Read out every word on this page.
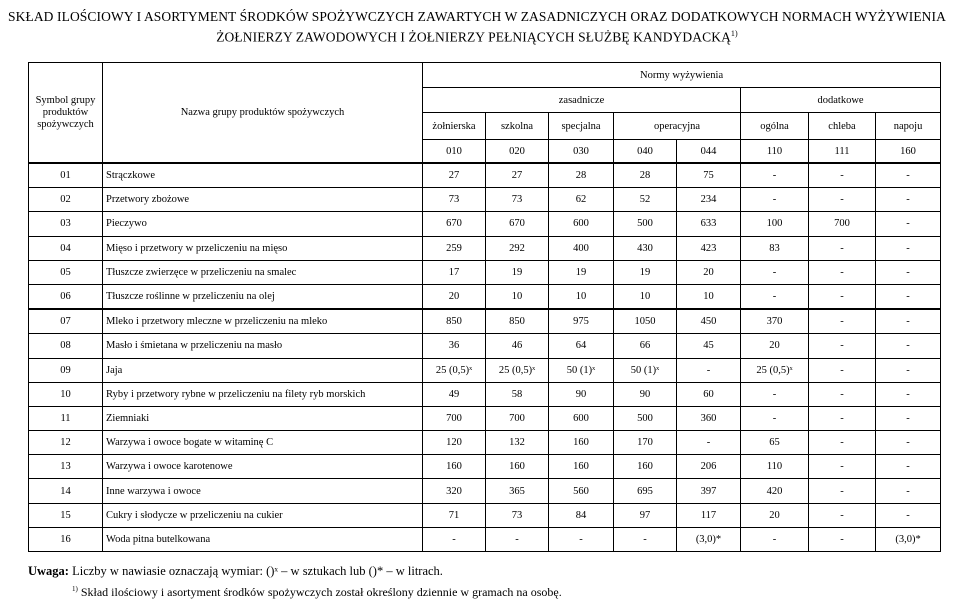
SKŁAD ILOŚCIOWY I ASORTYMENT ŚRODKÓW SPOŻYWCZYCH ZAWARTYCH W ZASADNICZYCH ORAZ DODATKOWYCH NORMACH WYŻYWIENIA
ŻOŁNIERZY ZAWODOWYCH I ŻOŁNIERZY PEŁNIĄCYCH SŁUŻBĘ KANDYDACKĄ$^{1)}$
Symbol grupy produktów spożywczych	Nazwa grupy produktów spożywczych	Normy wyżywienia							
		zasadnicze					dodatkowe		
		żołnierska	szkolna	specjalna	operacyjna		ogólna	chleba	napoju
		010	020	030	040	044	110	111	160
01	Strączkowe	27	27	28	28	75	-	-	-
02	Przetwory zbożowe	73	73	62	52	234	-	-	-
03	Pieczywo	670	670	600	500	633	100	700	-
04	Mięso i przetwory w przeliczeniu na mięso	259	292	400	430	423	83	-	-
05	Tłuszcze zwierzęce w przeliczeniu na smalec	17	19	19	19	20	-	-	-
06	Tłuszcze roślinne w przeliczeniu na olej	20	10	10	10	10	-	-	-
07	Mleko i przetwory mleczne w przeliczeniu na mleko	850	850	975	1050	450	370	-	-
08	Masło i śmietana w przeliczeniu na masło	36	46	64	66	45	20	-	-
09	Jaja	25 (0,5)ˣ	25 (0,5)ˣ	50 (1)ˣ	50 (1)ˣ	-	25 (0,5)ˣ	-	-
10	Ryby i przetwory rybne w przeliczeniu na filety ryb morskich	49	58	90	90	60	-	-	-
11	Ziemniaki	700	700	600	500	360	-	-	-
12	Warzywa i owoce bogate w witaminę C	120	132	160	170	-	65	-	-
13	Warzywa i owoce karotenowe	160	160	160	160	206	110	-	-
14	Inne warzywa i owoce	320	365	560	695	397	420	-	-
15	Cukry i słodycze w przeliczeniu na cukier	71	73	84	97	117	20	-	-
16	Woda pitna butelkowana	-	-	-	-	(3,0)*	-	-	(3,0)*
Uwaga: Liczby w nawiasie oznaczają wymiar: ()ˣ – w sztukach lub ()* – w litrach.
$^{1)}$ Skład ilościowy i asortyment środków spożywczych został określony dziennie w gramach na osobę.
